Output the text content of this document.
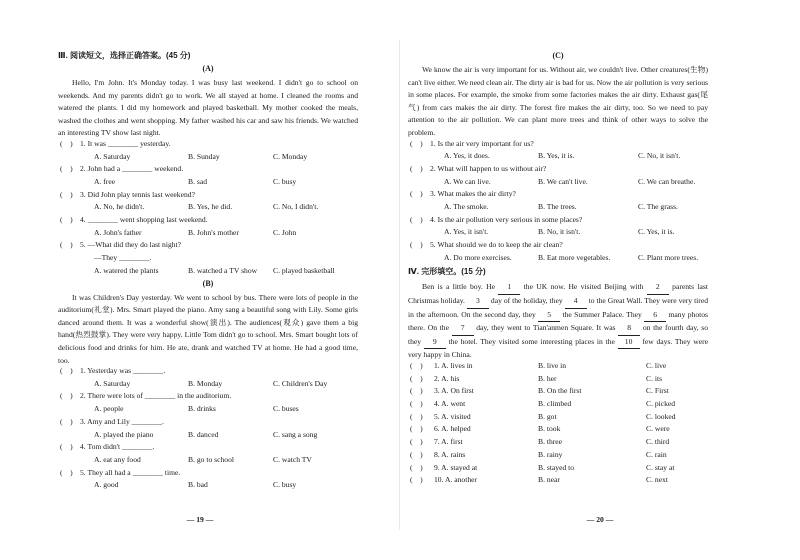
Ⅲ. 阅读短文，选择正确答案。(45 分)
(A)

Hello, I'm John. It's Monday today. I was busy last weekend. I didn't go to school on weekends. And my parents didn't go to work. We all stayed at home. I cleaned the rooms and watered the plants. I did my homework and played basketball. My mother cooked the meals, washed the clothes and went shopping. My father washed his car and saw his friends. We watched an interesting TV show last night.

(　) 1. It was ________ yesterday.
A. Saturday	B. Sunday	C. Monday
(　) 2. John had a ________ weekend.
A. free	B. sad	C. busy
(　) 3. Did John play tennis last weekend?
A. No, he didn't.	B. Yes, he did.	C. No, I didn't.
(　) 4. ________ went shopping last weekend.
A. John's father	B. John's mother	C. John
(　) 5. —What did they do last night?
—They ________.
A. watered the plants	B. watched a TV show C. played basketball
(B)

It was Children's Day yesterday. We went to school by bus. There were lots of people in the auditorium(礼堂). Mrs. Smart played the piano. Amy sang a beautiful song with Lily. Some girls danced around them. It was a wonderful show(演出). The audiences(观众) gave them a big hand(热烈鼓掌). They were very happy. Little Tom didn't go to school. Mrs. Smart bought lots of delicious food and drinks for him. He ate, drank and watched TV at home. He had a good time, too.

(　) 1. Yesterday was ________.
A. Saturday	B. Monday	C. Children's Day
(　) 2. There were lots of ________ in the auditorium.
A. people	B. drinks	C. buses
(　) 3. Amy and Lily ________.
A. played the piano	B. danced	C. sang a song
(　) 4. Tom didn't ________.
A. eat any food	B. go to school	C. watch TV
(　) 5. They all had a ________ time.
A. good	B. bad	C. busy
— 19 —	— 20 —
(C)

We know the air is very important for us. Without air, we couldn't live. Other creatures(生物) can't live either. We need clean air. The dirty air is bad for us. Now the air pollution is very serious in some places. For example, the smoke from some factories makes the air dirty. Exhaust gas(尾气) from cars makes the air dirty. The forest fire makes the air dirty, too. So we need to pay attention to the air pollution. We can plant more trees and think of other ways to solve the problem.

(　) 1. Is the air very important for us?
A. Yes, it does.	B. Yes, it is.	C. No, it isn't.
(　) 2. What will happen to us without air?
A. We can live.	B. We can't live.	C. We can breathe.
(　) 3. What makes the air dirty?
A. The smoke.	B. The trees.	C. The grass.
(　) 4. Is the air pollution very serious in some places?
A. Yes, it isn't.	B. No, it isn't.	C. Yes, it is.
(　) 5. What should we do to keep the air clean?
A. Do more exercises.	B. Eat more vegetables.	C. Plant more trees.
Ⅳ. 完形填空。(15 分)

Ben is a little boy. He 1 the UK now. He visited Beijing with 2 parents last Christmas holiday. 3 day of the holiday, they 4 to the Great Wall. They were very tired in the afternoon. On the second day, they 5 the Summer Palace. They 6 many photos there. On the 7 day, they went to Tian'anmen Square. It was 8 on the fourth day, so they 9 the hotel. They visited some interesting places in the 10 few days. They were very happy in China.

(　) 1. A. lives in	B. live in	C. live
(　) 2. A. his	B. her	C. its
(　) 3. A. On first	B. On the first	C. First
(　) 4. A. went	B. climbed	C. picked
(　) 5. A. visited	B. got	C. looked
(　) 6. A. helped	B. took	C. were
(　) 7. A. first	B. three	C. third
(　) 8. A. rains	B. rainy	C. rain
(　) 9. A. stayed at	B. stayed to	C. stay at
(　) 10. A. another	B. near	C. next
